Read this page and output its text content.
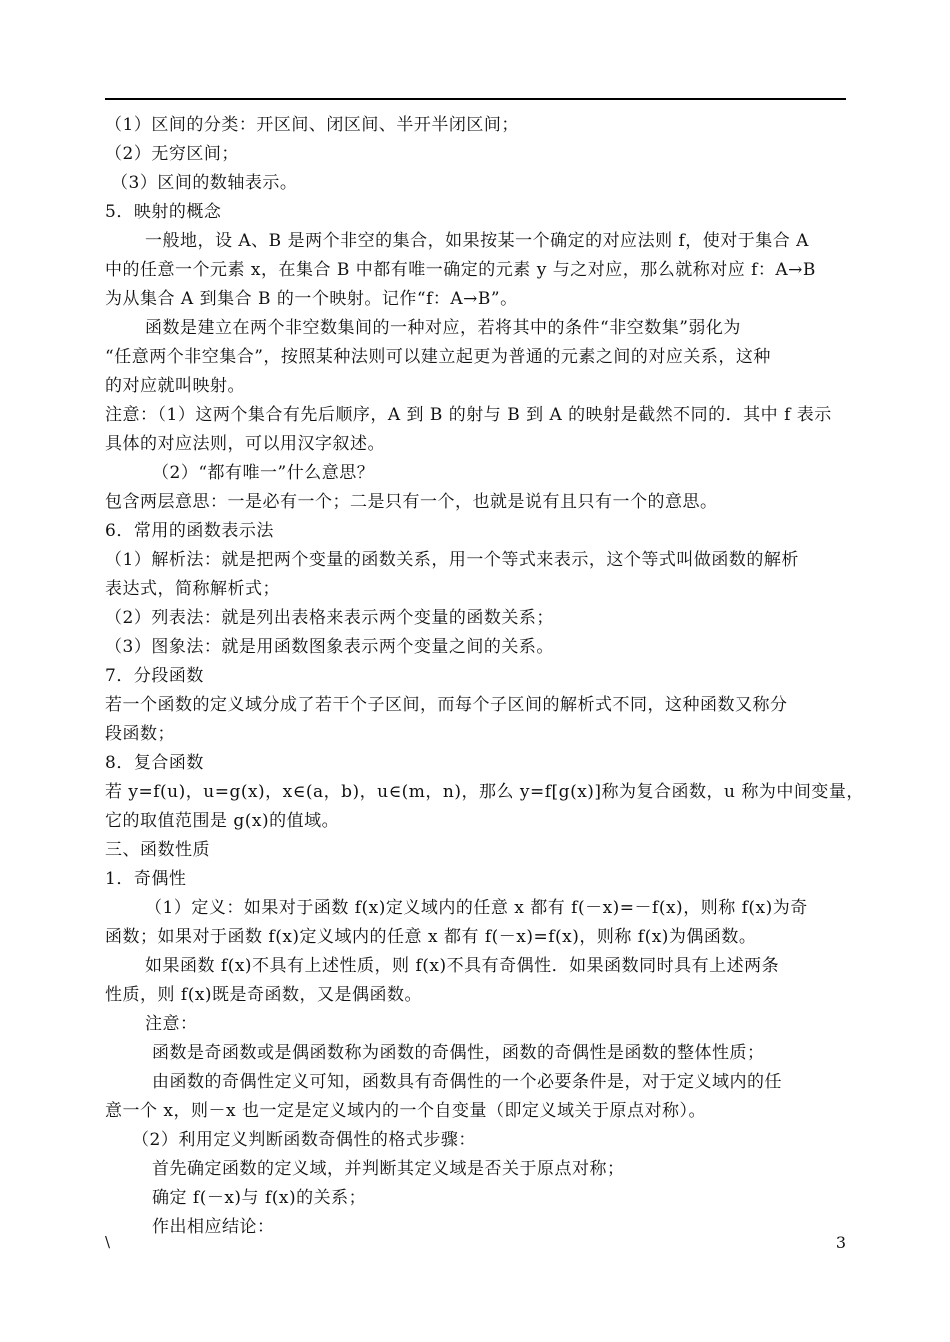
（1）区间的分类：开区间、闭区间、半开半闭区间；
（2）无穷区间；
（3）区间的数轴表示。
5．映射的概念
一般地，设 A、B 是两个非空的集合，如果按某一个确定的对应法则 f，使对于集合 A
中的任意一个元素 x，在集合 B 中都有唯一确定的元素 y 与之对应，那么就称对应 f：A→B
为从集合 A 到集合 B 的一个映射。记作“f：A→B”。
函数是建立在两个非空数集间的一种对应，若将其中的条件“非空数集”弱化为
“任意两个非空集合”，按照某种法则可以建立起更为普通的元素之间的对应关系，这种
的对应就叫映射。
注意：（1）这两个集合有先后顺序，A 到 B 的射与 B 到 A 的映射是截然不同的．其中 f 表示
具体的对应法则，可以用汉字叙述。
（2）“都有唯一”什么意思？
包含两层意思：一是必有一个；二是只有一个，也就是说有且只有一个的意思。
6．常用的函数表示法
（1）解析法：就是把两个变量的函数关系，用一个等式来表示，这个等式叫做函数的解析
表达式，简称解析式；
（2）列表法：就是列出表格来表示两个变量的函数关系；
（3）图象法：就是用函数图象表示两个变量之间的关系。
7．分段函数
若一个函数的定义域分成了若干个子区间，而每个子区间的解析式不同，这种函数又称分
段函数；
8．复合函数
若 y=f(u)，u=g(x)，x∈(a，b)，u∈(m，n)，那么 y=f[g(x)]称为复合函数，u 称为中间变量，
它的取值范围是 g(x)的值域。
三、函数性质
1．奇偶性
（1）定义：如果对于函数 f(x)定义域内的任意 x 都有 f(－x)=－f(x)，则称 f(x)为奇
函数；如果对于函数 f(x)定义域内的任意 x 都有 f(－x)=f(x)，则称 f(x)为偶函数。
如果函数 f(x)不具有上述性质，则 f(x)不具有奇偶性．如果函数同时具有上述两条
性质，则 f(x)既是奇函数，又是偶函数。
注意：
函数是奇函数或是偶函数称为函数的奇偶性，函数的奇偶性是函数的整体性质；
由函数的奇偶性定义可知，函数具有奇偶性的一个必要条件是，对于定义域内的任
意一个 x，则－x 也一定是定义域内的一个自变量（即定义域关于原点对称）。
（2）利用定义判断函数奇偶性的格式步骤：
首先确定函数的定义域，并判断其定义域是否关于原点对称；
确定 f(－x)与 f(x)的关系；
作出相应结论：
\	3
